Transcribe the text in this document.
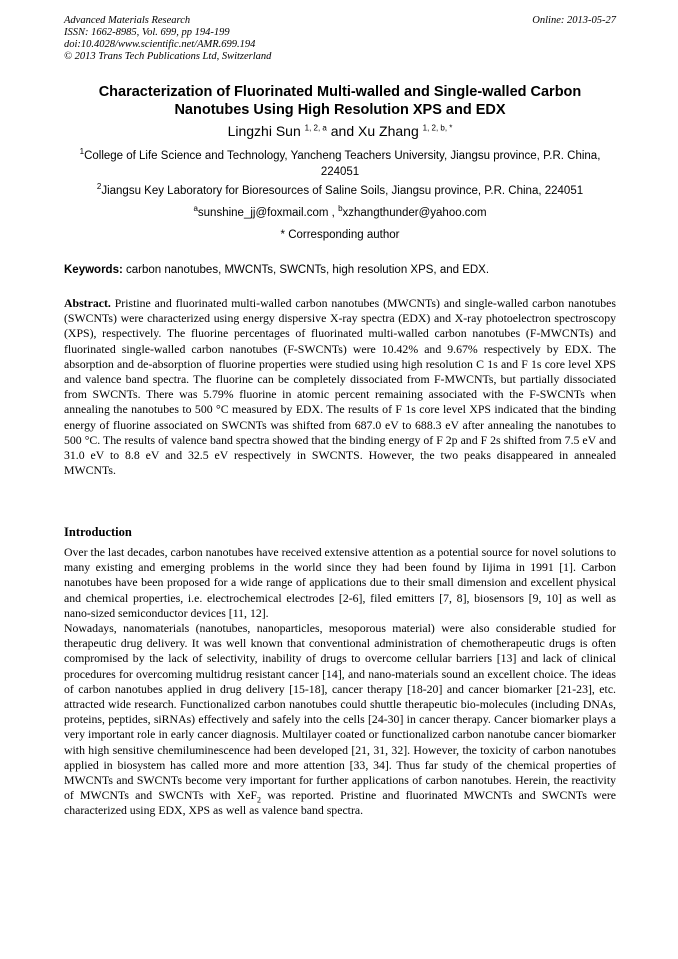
Advanced Materials Research
ISSN: 1662-8985, Vol. 699, pp 194-199
doi:10.4028/www.scientific.net/AMR.699.194
© 2013 Trans Tech Publications Ltd, Switzerland
Online: 2013-05-27
Characterization of Fluorinated Multi-walled and Single-walled Carbon Nanotubes Using High Resolution XPS and EDX
Lingzhi Sun $^{1, 2, a}$ and Xu Zhang $^{1, 2, b, *}$
$^1$College of Life Science and Technology, Yancheng Teachers University, Jiangsu province, P.R. China, 224051
$^2$Jiangsu Key Laboratory for Bioresources of Saline Soils, Jiangsu province, P.R. China, 224051
$^a$sunshine_jj@foxmail.com , $^b$xzhangthunder@yahoo.com
* Corresponding author
Keywords: carbon nanotubes, MWCNTs, SWCNTs, high resolution XPS, and EDX.

Abstract. Pristine and fluorinated multi-walled carbon nanotubes (MWCNTs) and single-walled carbon nanotubes (SWCNTs) were characterized using energy dispersive X-ray spectra (EDX) and X-ray photoelectron spectroscopy (XPS), respectively. The fluorine percentages of fluorinated multi-walled carbon nanotubes (F-MWCNTs) and fluorinated single-walled carbon nanotubes (F-SWCNTs) were 10.42% and 9.67% respectively by EDX. The absorption and de-absorption of fluorine properties were studied using high resolution C 1s and F 1s core level XPS and valence band spectra. The fluorine can be completely dissociated from F-MWCNTs, but partially dissociated from SWCNTs. There was 5.79% fluorine in atomic percent remaining associated with the F-SWCNTs when annealing the nanotubes to 500 °C measured by EDX. The results of F 1s core level XPS indicated that the binding energy of fluorine associated on SWCNTs was shifted from 687.0 eV to 688.3 eV after annealing the nanotubes to 500 °C. The results of valence band spectra showed that the binding energy of F 2p and F 2s shifted from 7.5 eV and 31.0 eV to 8.8 eV and 32.5 eV respectively in SWCNTS. However, the two peaks disappeared in annealed MWCNTs.

Introduction

Over the last decades, carbon nanotubes have received extensive attention as a potential source for novel solutions to many existing and emerging problems in the world since they had been found by Iijima in 1991 [1]. Carbon nanotubes have been proposed for a wide range of applications due to their small dimension and excellent physical and chemical properties, i.e. electrochemical electrodes [2-6], filed emitters [7, 8], biosensors [9, 10] as well as nano-sized semiconductor devices [11, 12].

Nowadays, nanomaterials (nanotubes, nanoparticles, mesoporous material) were also considerable studied for therapeutic drug delivery. It was well known that conventional administration of chemotherapeutic drugs is often compromised by the lack of selectivity, inability of drugs to overcome cellular barriers [13] and lack of clinical procedures for overcoming multidrug resistant cancer [14], and nano-materials sound an excellent choice. The ideas of carbon nanotubes applied in drug delivery [15-18], cancer therapy [18-20] and cancer biomarker [21-23], etc. attracted wide research. Functionalized carbon nanotubes could shuttle therapeutic bio-molecules (including DNAs, proteins, peptides, siRNAs) effectively and safely into the cells [24-30] in cancer therapy. Cancer biomarker plays a very important role in early cancer diagnosis. Multilayer coated or functionalized carbon nanotube cancer biomarker with high sensitive chemiluminescence had been developed [21, 31, 32]. However, the toxicity of carbon nanotubes applied in biosystem has called more and more attention [33, 34]. Thus far study of the chemical properties of MWCNTs and SWCNTs become very important for further applications of carbon nanotubes. Herein, the reactivity of MWCNTs and SWCNTs with XeF$_2$ was reported. Pristine and fluorinated MWCNTs and SWCNTs were characterized using EDX, XPS as well as valence band spectra.
